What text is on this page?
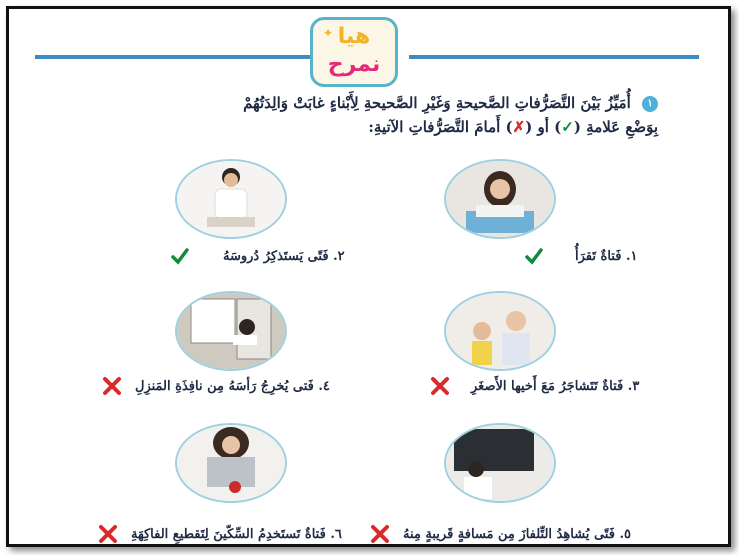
✦ هيا
نمرح
١ أُمَيِّزُ بَيْنَ التَّصَرُّفاتِ الصَّحيحةِ وَغَيْرِ الصَّحيحةِ لِأَبْناءٍ غابَتْ وَالِدَتُهُمْ
بِوَضْعِ عَلامةِ (✓) أو (✗) أَمامَ التَّصَرُّفاتِ الآتيةِ:
١. فَتاةٌ تَقرَأُ
٢. فَتًى يَستَذكِرُ دُروسَهُ
٣. فَتاةٌ تَتَشاجَرُ مَعَ أَخيها الأَصغَرِ
٤. فَتى يُخرِجُ رَأسَهُ مِن نافِذَةِ المَنزِلِ
٥. فَتًى يُشاهِدُ التِّلفازَ مِن مَسافةٍ قَريبةٍ مِنهُ
٦. فَتاةٌ تَستَخدِمُ السِّكّينَ لِتَقطيعِ الفاكِهَةِ
